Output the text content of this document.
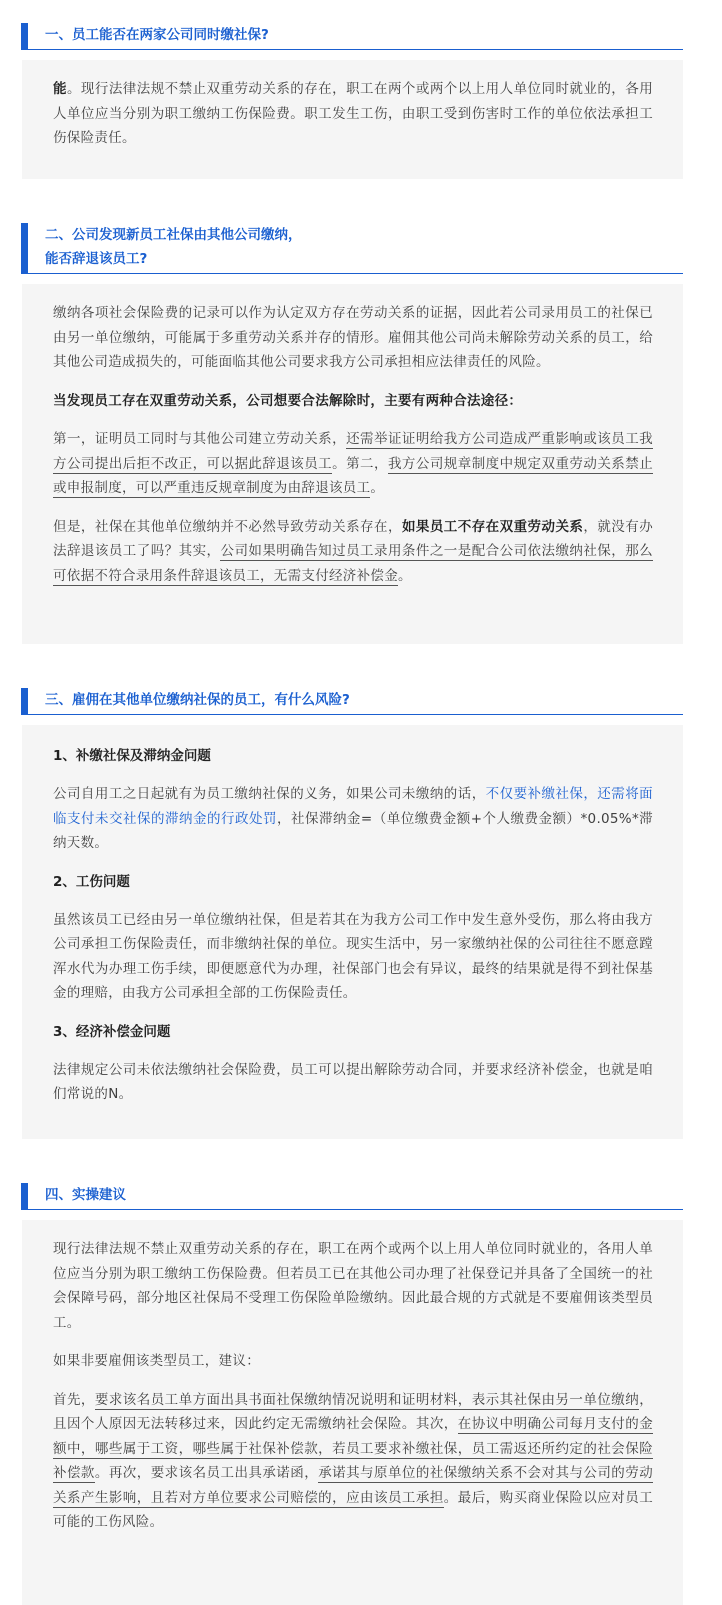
一、员工能否在两家公司同时缴社保?

能。现行法律法规不禁止双重劳动关系的存在，职工在两个或两个以上用人单位同时就业的，各用人单位应当分别为职工缴纳工伤保险费。职工发生工伤，由职工受到伤害时工作的单位依法承担工伤保险责任。

二、公司发现新员工社保由其他公司缴纳，
能否辞退该员工?

缴纳各项社会保险费的记录可以作为认定双方存在劳动关系的证据，因此若公司录用员工的社保已由另一单位缴纳，可能属于多重劳动关系并存的情形。雇佣其他公司尚未解除劳动关系的员工，给其他公司造成损失的，可能面临其他公司要求我方公司承担相应法律责任的风险。

当发现员工存在双重劳动关系，公司想要合法解除时，主要有两种合法途径：

第一，证明员工同时与其他公司建立劳动关系，还需举证证明给我方公司造成严重影响或该员工我方公司提出后拒不改正，可以据此辞退该员工。第二，我方公司规章制度中规定双重劳动关系禁止或申报制度，可以严重违反规章制度为由辞退该员工。

但是，社保在其他单位缴纳并不必然导致劳动关系存在，如果员工不存在双重劳动关系，就没有办法辞退该员工了吗？其实，公司如果明确告知过员工录用条件之一是配合公司依法缴纳社保，那么可依据不符合录用条件辞退该员工，无需支付经济补偿金。

三、雇佣在其他单位缴纳社保的员工，有什么风险?

1、补缴社保及滞纳金问题

公司自用工之日起就有为员工缴纳社保的义务，如果公司未缴纳的话，不仅要补缴社保，还需将面临支付未交社保的滞纳金的行政处罚，社保滞纳金=（单位缴费金额+个人缴费金额）*0.05%*滞纳天数。

2、工伤问题

虽然该员工已经由另一单位缴纳社保，但是若其在为我方公司工作中发生意外受伤，那么将由我方公司承担工伤保险责任，而非缴纳社保的单位。现实生活中，另一家缴纳社保的公司往往不愿意蹚浑水代为办理工伤手续，即便愿意代为办理，社保部门也会有异议，最终的结果就是得不到社保基金的理赔，由我方公司承担全部的工伤保险责任。

3、经济补偿金问题

法律规定公司未依法缴纳社会保险费，员工可以提出解除劳动合同，并要求经济补偿金，也就是咱们常说的N。

四、实操建议

现行法律法规不禁止双重劳动关系的存在，职工在两个或两个以上用人单位同时就业的，各用人单位应当分别为职工缴纳工伤保险费。但若员工已在其他公司办理了社保登记并具备了全国统一的社会保障号码，部分地区社保局不受理工伤保险单险缴纳。因此最合规的方式就是不要雇佣该类型员工。

如果非要雇佣该类型员工，建议：

首先，要求该名员工单方面出具书面社保缴纳情况说明和证明材料，表示其社保由另一单位缴纳，且因个人原因无法转移过来，因此约定无需缴纳社会保险。其次，在协议中明确公司每月支付的金额中，哪些属于工资，哪些属于社保补偿款，若员工要求补缴社保，员工需返还所约定的社会保险补偿款。再次，要求该名员工出具承诺函，承诺其与原单位的社保缴纳关系不会对其与公司的劳动关系产生影响，且若对方单位要求公司赔偿的，应由该员工承担。最后，购买商业保险以应对员工可能的工伤风险。
